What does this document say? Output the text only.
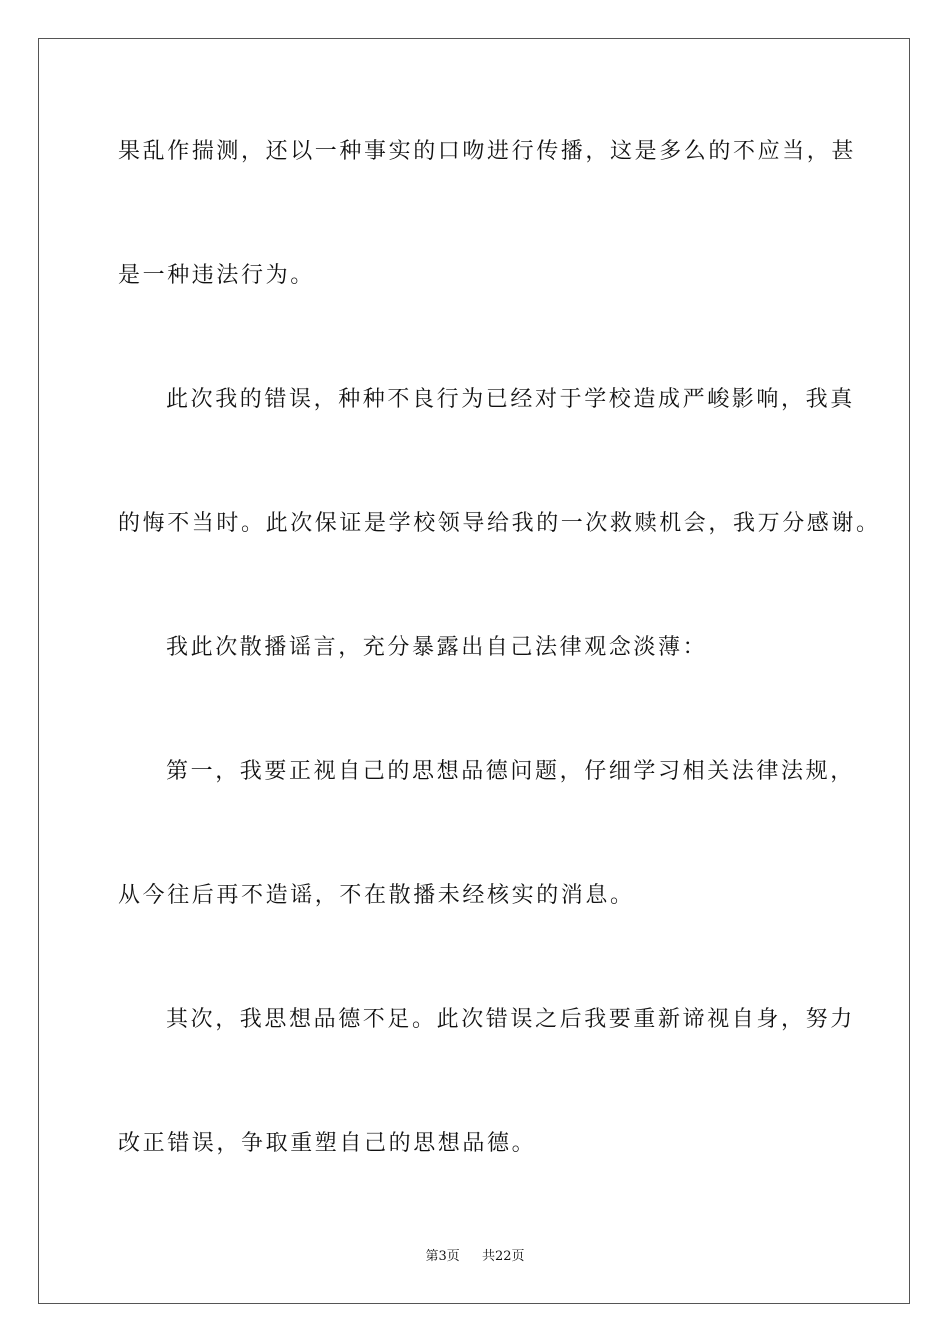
果乱作揣测，还以一种事实的口吻进行传播，这是多么的不应当，甚
是一种违法行为。
此次我的错误，种种不良行为已经对于学校造成严峻影响，我真
的悔不当时。此次保证是学校领导给我的一次救赎机会，我万分感谢。
我此次散播谣言，充分暴露出自己法律观念淡薄：
第一，我要正视自己的思想品德问题，仔细学习相关法律法规，
从今往后再不造谣，不在散播未经核实的消息。
其次，我思想品德不足。此次错误之后我要重新谛视自身，努力
改正错误，争取重塑自己的思想品德。
第3页 共22页
